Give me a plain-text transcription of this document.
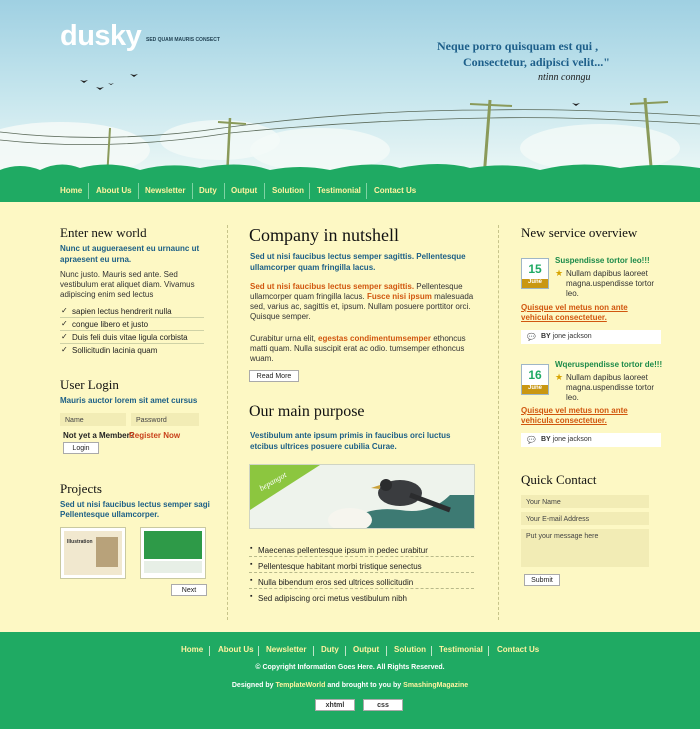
dusky SED QUAM MAURIS CONSECT	Neque porro quisquam est qui ,
Consectetur, adipisci velit..."
ntinn conngu
Home About Us Newsletter Duty Output Solution Testimonial Contact Us
Enter new world
Nunc ut augueraesent eu urnaunc ut apraesent eu urna.
Nunc justo. Mauris sed ante. Sed vestibulum erat aliquet diam. Vivamus adipiscing enim sed lectus
✓ sapien lectus hendrerit nulla
✓ congue libero et justo
✓ Duis feli duis vitae ligula corbista
✓ Sollicitudin lacinia quam
User Login
Mauris auctor lorem sit amet cursus
Name	Password
Not yet a Member?
Register Now
Login
Projects
Sed ut nisi faucibus lectus semper sagi Pellentesque ullamcorper.
Illustration
Next
Company in nutshell
Sed ut nisi faucibus lectus semper sagittis. Pellentesque ullamcorper quam fringilla lacus.
Sed ut nisi faucibus lectus semper sagittis. Pellentesque ullamcorper quam fringilla lacus. Fusce nisi ipsum malesuada sed, varius ac, sagittis et, ipsum. Nullam posuere porttitor orci. Quisque semper.
Curabitur urna elit, egestas condimentumsemper ethoncus matti quam. Nulla suscipit erat ac odio. tumsemper ethoncus wuam.
Read More
Our main purpose
Vestibulum ante ipsum primis in faucibus orci luctus etcibus ultrices posuere cubilia Curae.
bepangot
▪ Maecenas pellentesque ipsum in pedec urabitur
▪ Pellentesque habitant morbi tristique senectus
▪ Nulla bibendum eros sed ultrices sollicitudin
▪ Sed adipiscing orci metus vestibulum nibh
New service overview
15
June
Suspendisse tortor leo!!!
★ Nullam dapibus laoreet magna.uspendisse tortor leo.
Quisque vel metus non ante vehicula consectetuer.
💬 BY jone jackson
16
June
Wqeruspendisse tortor de!!!
★ Nullam dapibus laoreet magna.uspendisse tortor leo.
Quisque vel metus non ante vehicula consectetuer.
💬 BY jone jackson
Quick Contact
Your Name
Your E-mail Address
Put your message here
Submit
Home About Us Newsletter Duty Output Solution Testimonial Contact Us
© Copyright Information Goes Here. All Rights Reserved.
Designed by TemplateWorld and brought to you by SmashingMagazine
xhtml	css
